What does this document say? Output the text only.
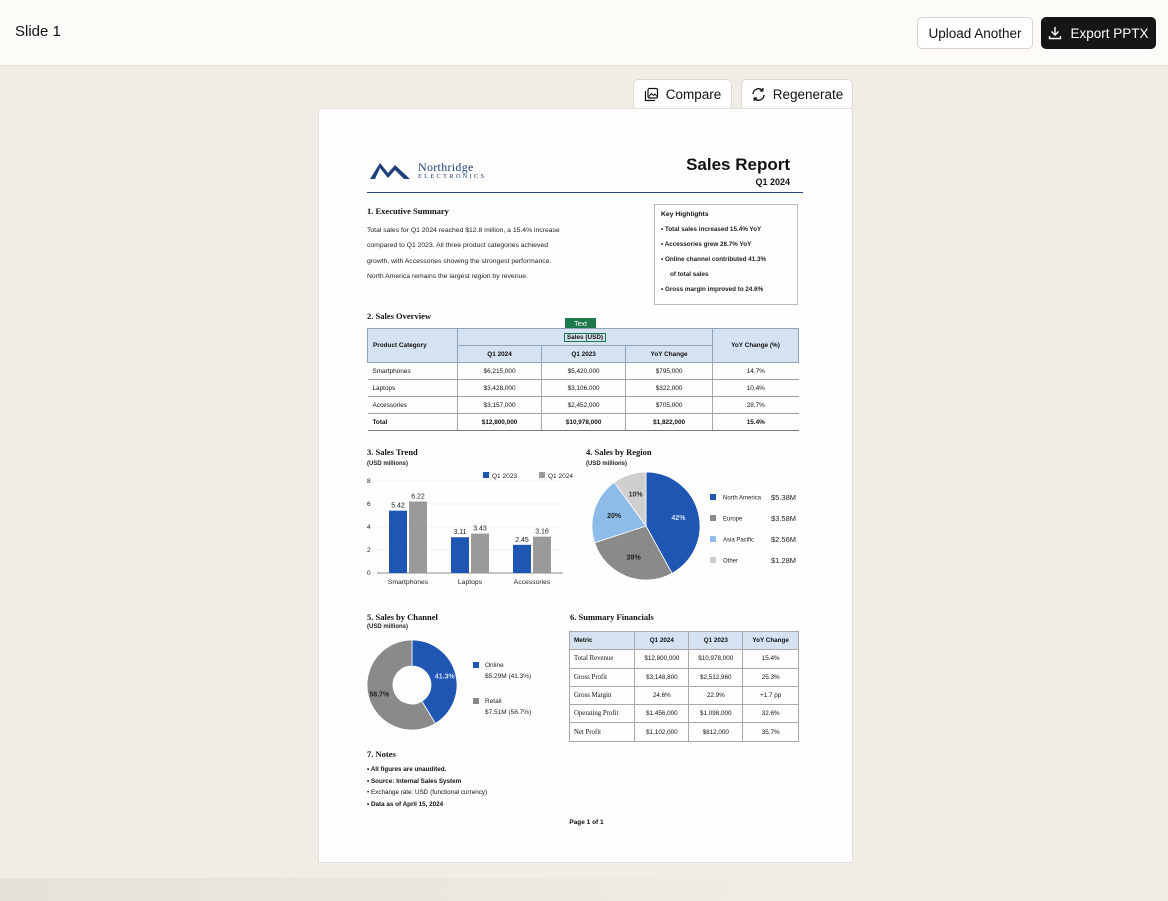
Slide 1	Upload Another	Export PPTX
Compare	Regenerate
Northridge
ELECTRONICS
Sales Report
Q1 2024
1. Executive Summary
Total sales for Q1 2024 reached $12.8 million, a 15.4% increase
compared to Q1 2023. All three product categories achieved
growth, with Accessories showing the strongest performance.
North America remains the largest region by revenue.
Key Highlights
• Total sales increased 15.4% YoY
• Accessories grew 28.7% YoY
• Online channel contributed 41.3%
of total sales
• Gross margin improved to 24.6%
2. Sales Overview
Text
Product Category	Sales (USD)			YoY Change (%)
	Q1 2024	Q1 2023	YoY Change	
Smartphones	$6,215,000	$5,420,000	$795,000	14.7%
Laptops	$3,428,000	$3,106,000	$322,000	10.4%
Accessories	$3,157,000	$2,452,000	$705,000	28.7%
Total	$12,800,000	$10,978,000	$1,822,000	15.4%
3. Sales Trend
(USD millions)
0
2
4
6
8
5.42
6.22
Smartphones
3.11
3.43
Laptops
2.45
3.16
Accessories
Q1 2023	Q1 2024
4. Sales by Region
(USD millions)
42%
28%
20%
10%	North America $5.38M
Europe	$3.58M
Asia Pacific $2.56M
Other	$1.28M
5. Sales by Channel
(USD millions)
41.3%
58.7%
Online
$5.29M (41.3%)
Retail
$7.51M (58.7%)
6. Summary Financials
Metric	Q1 2024	Q1 2023	YoY Change
Total Revenue	$12,800,000	$10,978,000	15.4%
Gross Profit	$3,148,800	$2,512,960	25.3%
Gross Margin	24.6%	22.9%	+1.7 pp
Operating Profit	$1,456,000	$1,098,000	32.6%
Net Profit	$1,102,000	$812,000	35.7%
7. Notes
• All figures are unaudited.
• Source: Internal Sales System
• Exchange rate: USD (functional currency)
• Data as of April 15, 2024
Page 1 of 1
